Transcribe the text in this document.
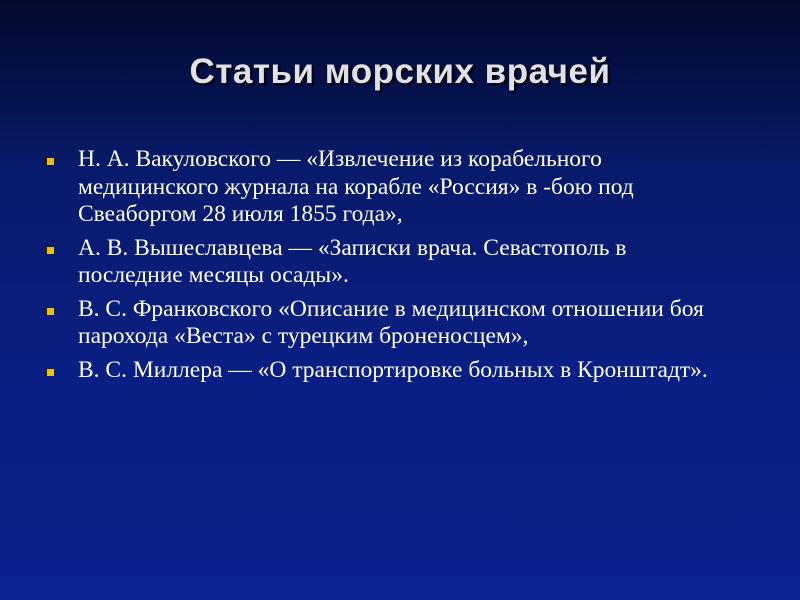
Статьи морских врачей
Н. А. Вакуловского — «Извлечение из корабельного медицинского журнала на корабле «Россия» в -бою под Свеаборгом 28 июля 1855 года»,
А. В. Вышеславцева — «Записки врача. Севастополь в последние месяцы осады».
В. С. Франковского «Описание в медицинском отношении боя парохода «Веста» с турецким броненосцем»,
В. С. Миллера — «О транспортировке больных в Кронштадт».
